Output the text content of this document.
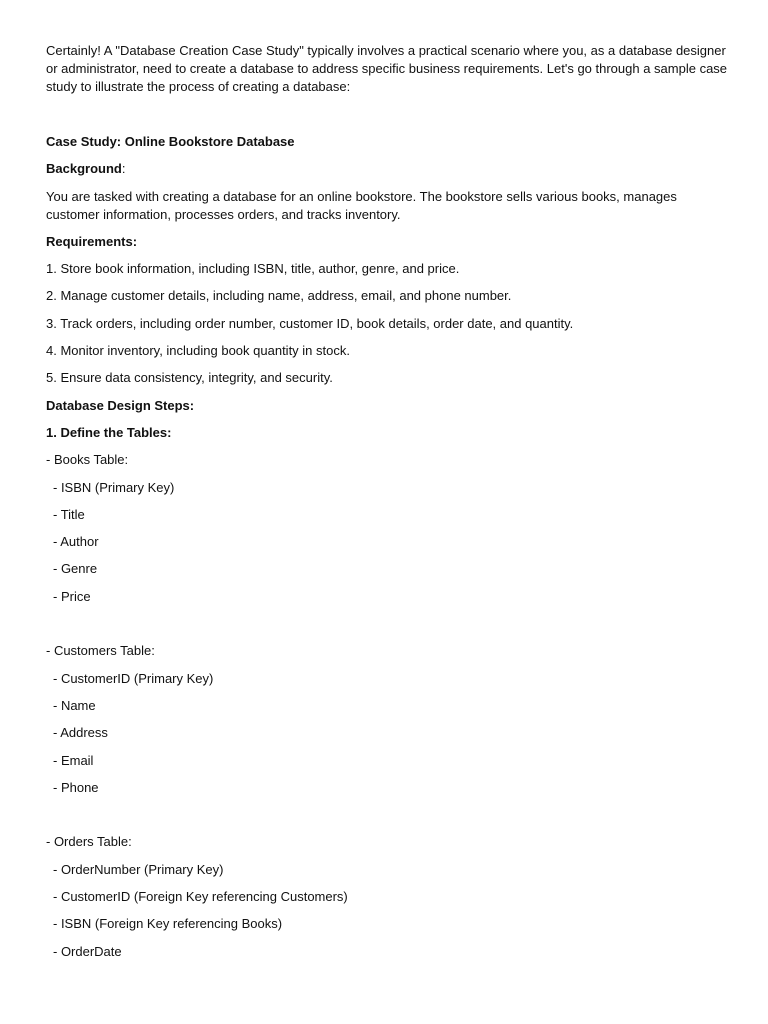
Certainly! A "Database Creation Case Study" typically involves a practical scenario where you, as a database designer or administrator, need to create a database to address specific business requirements. Let's go through a sample case study to illustrate the process of creating a database:

Case Study: Online Bookstore Database
Background:
You are tasked with creating a database for an online bookstore. The bookstore sells various books, manages customer information, processes orders, and tracks inventory.
Requirements:
1. Store book information, including ISBN, title, author, genre, and price.
2. Manage customer details, including name, address, email, and phone number.
3. Track orders, including order number, customer ID, book details, order date, and quantity.
4. Monitor inventory, including book quantity in stock.
5. Ensure data consistency, integrity, and security.
Database Design Steps:
1. Define the Tables:
- Books Table:
- ISBN (Primary Key)
- Title
- Author
- Genre
- Price
- Customers Table:
- CustomerID (Primary Key)
- Name
- Address
- Email
- Phone
- Orders Table:
- OrderNumber (Primary Key)
- CustomerID (Foreign Key referencing Customers)
- ISBN (Foreign Key referencing Books)
- OrderDate
